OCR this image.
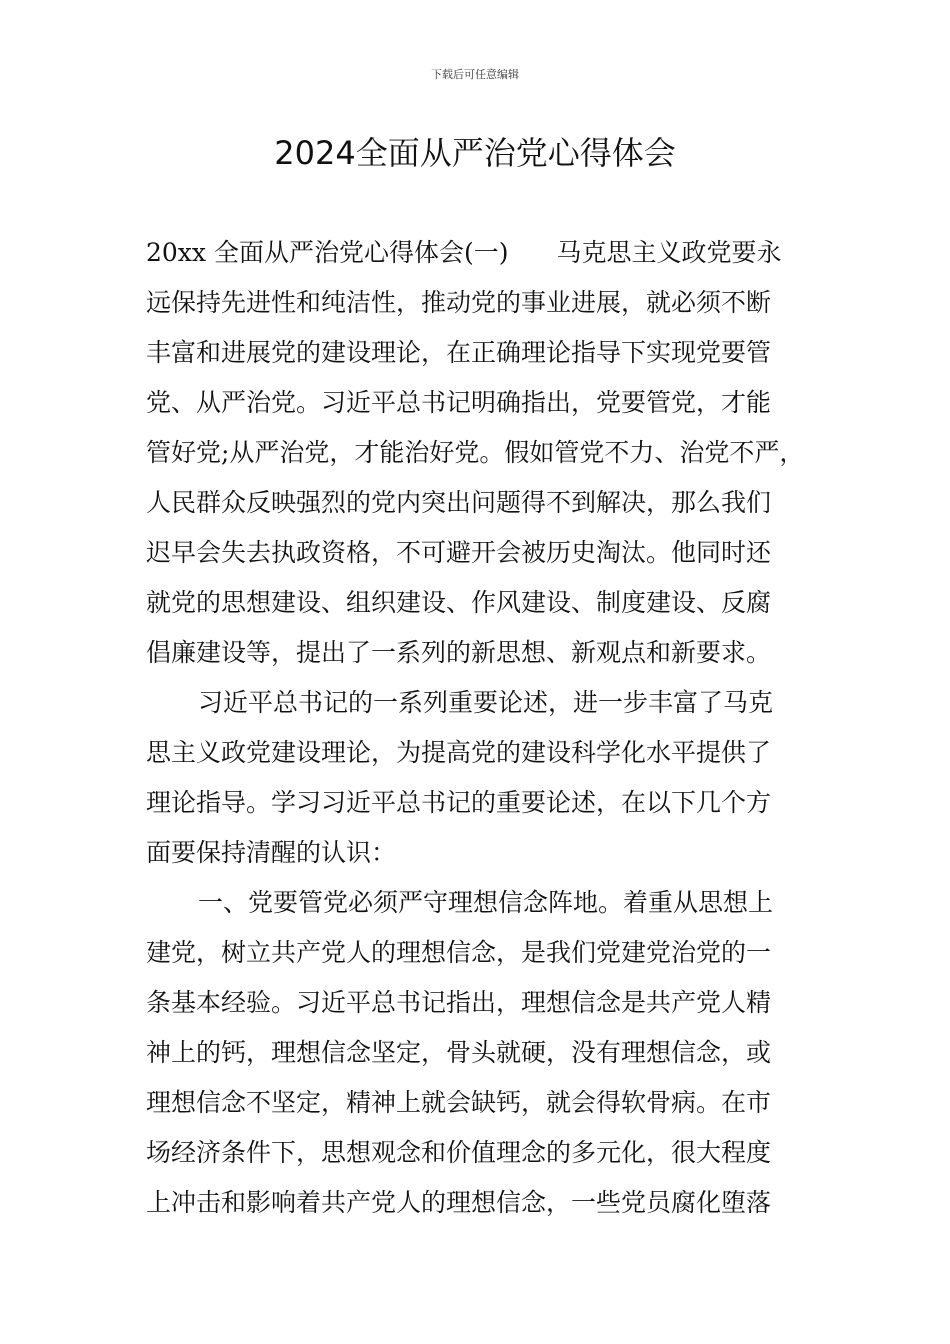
下载后可任意编辑
2024全面从严治党心得体会
20xx 全面从严治党心得体会(一) 马克思主义政党要永
远保持先进性和纯洁性，推动党的事业进展，就必须不断
丰富和进展党的建设理论，在正确理论指导下实现党要管
党、从严治党。习近平总书记明确指出，党要管党，才能
管好党;从严治党，才能治好党。假如管党不力、治党不严，
人民群众反映强烈的党内突出问题得不到解决，那么我们
迟早会失去执政资格，不可避开会被历史淘汰。他同时还
就党的思想建设、组织建设、作风建设、制度建设、反腐
倡廉建设等，提出了一系列的新思想、新观点和新要求。
习近平总书记的一系列重要论述，进一步丰富了马克
思主义政党建设理论，为提高党的建设科学化水平提供了
理论指导。学习习近平总书记的重要论述，在以下几个方
面要保持清醒的认识：
一、党要管党必须严守理想信念阵地。着重从思想上
建党，树立共产党人的理想信念，是我们党建党治党的一
条基本经验。习近平总书记指出，理想信念是共产党人精
神上的钙，理想信念坚定，骨头就硬，没有理想信念，或
理想信念不坚定，精神上就会缺钙，就会得软骨病。在市
场经济条件下，思想观念和价值理念的多元化，很大程度
上冲击和影响着共产党人的理想信念，一些党员腐化堕落
